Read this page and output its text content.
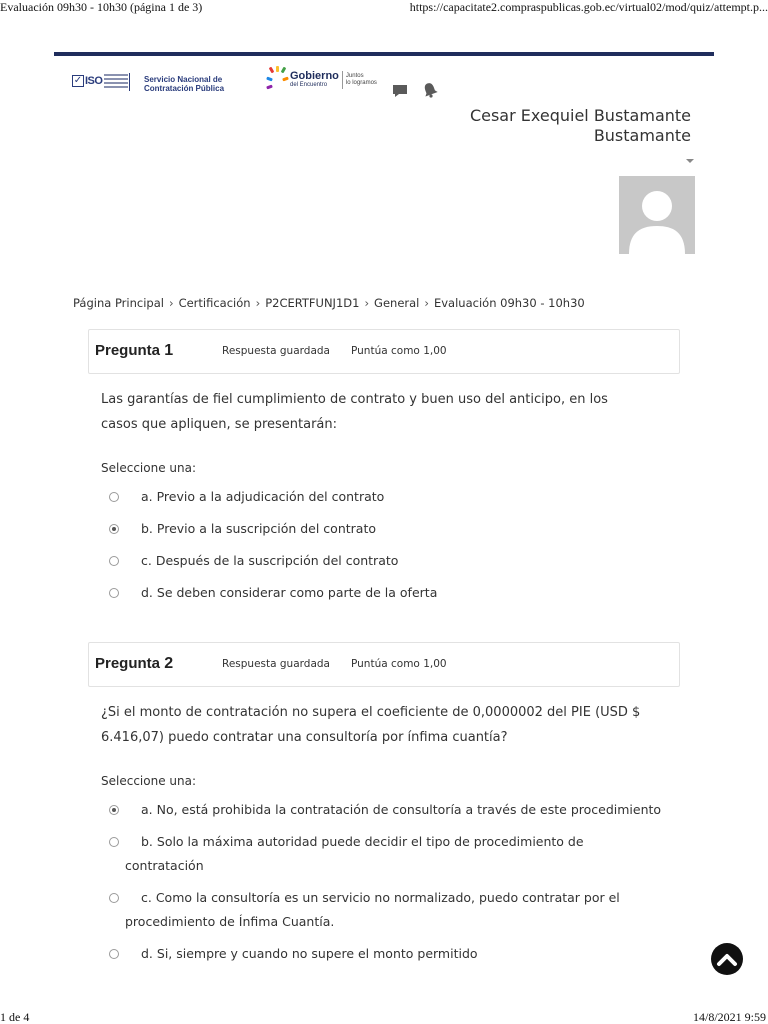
Evaluación 09h30 - 10h30 (página 1 de 3)	https://capacitate2.compraspublicas.gob.ec/virtual02/mod/quiz/attempt.p...
1 de 4	14/8/2021 9:59
✓ ISO	Servicio Nacional de
Contratación Pública
Gobierno
del Encuentro
Juntos
lo logramos
Cesar Exequiel Bustamante Bustamante
Página Principal › Certificación › P2CERTFUNJ1D1 › General › Evaluación 09h30 - 10h30
Pregunta 1	Respuesta guardada Puntúa como 1,00
Las garantías de fiel cumplimiento de contrato y buen uso del anticipo, en los casos que apliquen, se presentarán:
Seleccione una:
a. Previo a la adjudicación del contrato
b. Previo a la suscripción del contrato
c. Después de la suscripción del contrato
d. Se deben considerar como parte de la oferta
Pregunta 2	Respuesta guardada Puntúa como 1,00
¿Si el monto de contratación no supera el coeficiente de 0,0000002 del PIE (USD $ 6.416,07) puedo contratar una consultoría por ínfima cuantía?
Seleccione una:
a. No, está prohibida la contratación de consultoría a través de este procedimiento
b. Solo la máxima autoridad puede decidir el tipo de procedimiento de
contratación
c. Como la consultoría es un servicio no normalizado, puedo contratar por el
procedimiento de Ínfima Cuantía.
d. Si, siempre y cuando no supere el monto permitido
